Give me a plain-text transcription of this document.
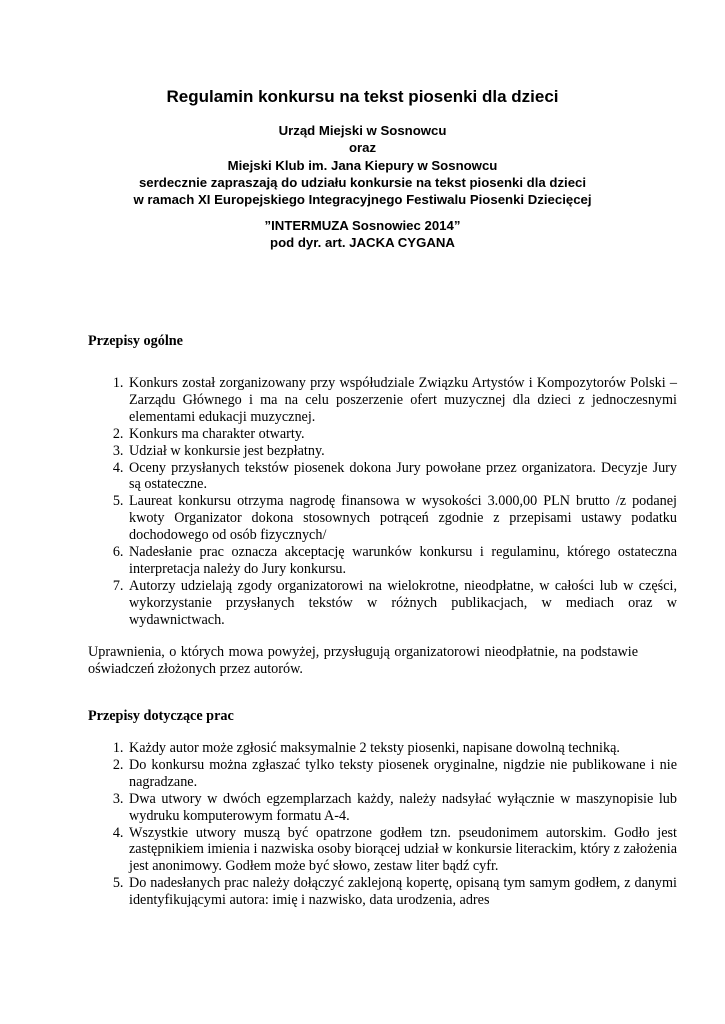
Regulamin konkursu na tekst piosenki dla dzieci
Urząd Miejski w Sosnowcu
oraz
Miejski Klub im. Jana Kiepury w Sosnowcu
serdecznie zapraszają do udziału konkursie na tekst piosenki dla dzieci
w ramach XI Europejskiego Integracyjnego Festiwalu Piosenki Dziecięcej
”INTERMUZA Sosnowiec 2014”
pod dyr. art. JACKA CYGANA
Przepisy ogólne
1. Konkurs został zorganizowany przy współudziale Związku Artystów i Kompozytorów Polski – Zarządu Głównego i ma na celu poszerzenie ofert muzycznej dla dzieci z jednoczesnymi elementami edukacji muzycznej.
2. Konkurs ma charakter otwarty.
3. Udział w konkursie jest bezpłatny.
4. Oceny przysłanych tekstów piosenek dokona Jury powołane przez organizatora. Decyzje Jury są ostateczne.
5. Laureat konkursu otrzyma nagrodę finansowa w wysokości 3.000,00 PLN brutto /z podanej kwoty Organizator dokona stosownych potrąceń zgodnie z przepisami ustawy podatku dochodowego od osób fizycznych/
6. Nadesłanie prac oznacza akceptację warunków konkursu i regulaminu, którego ostateczna interpretacja należy do Jury konkursu.
7. Autorzy udzielają zgody organizatorowi na wielokrotne, nieodpłatne, w całości lub w części, wykorzystanie przysłanych tekstów w różnych publikacjach, w mediach oraz w wydawnictwach.
Uprawnienia, o których mowa powyżej, przysługują organizatorowi nieodpłatnie, na podstawie oświadczeń złożonych przez autorów.
Przepisy dotyczące prac
1. Każdy autor może zgłosić maksymalnie 2 teksty piosenki, napisane dowolną techniką.
2. Do konkursu można zgłaszać tylko teksty piosenek oryginalne, nigdzie nie publikowane i nie nagradzane.
3. Dwa utwory w dwóch egzemplarzach każdy, należy nadsyłać wyłącznie w maszynopisie lub wydruku komputerowym formatu A-4.
4. Wszystkie utwory muszą być opatrzone godłem tzn. pseudonimem autorskim. Godło jest zastępnikiem imienia i nazwiska osoby biorącej udział w konkursie literackim, który z założenia jest anonimowy. Godłem może być słowo, zestaw liter bądź cyfr.
5. Do nadesłanych prac należy dołączyć zaklejoną kopertę, opisaną tym samym godłem, z danymi identyfikującymi autora: imię i nazwisko, data urodzenia, adres
